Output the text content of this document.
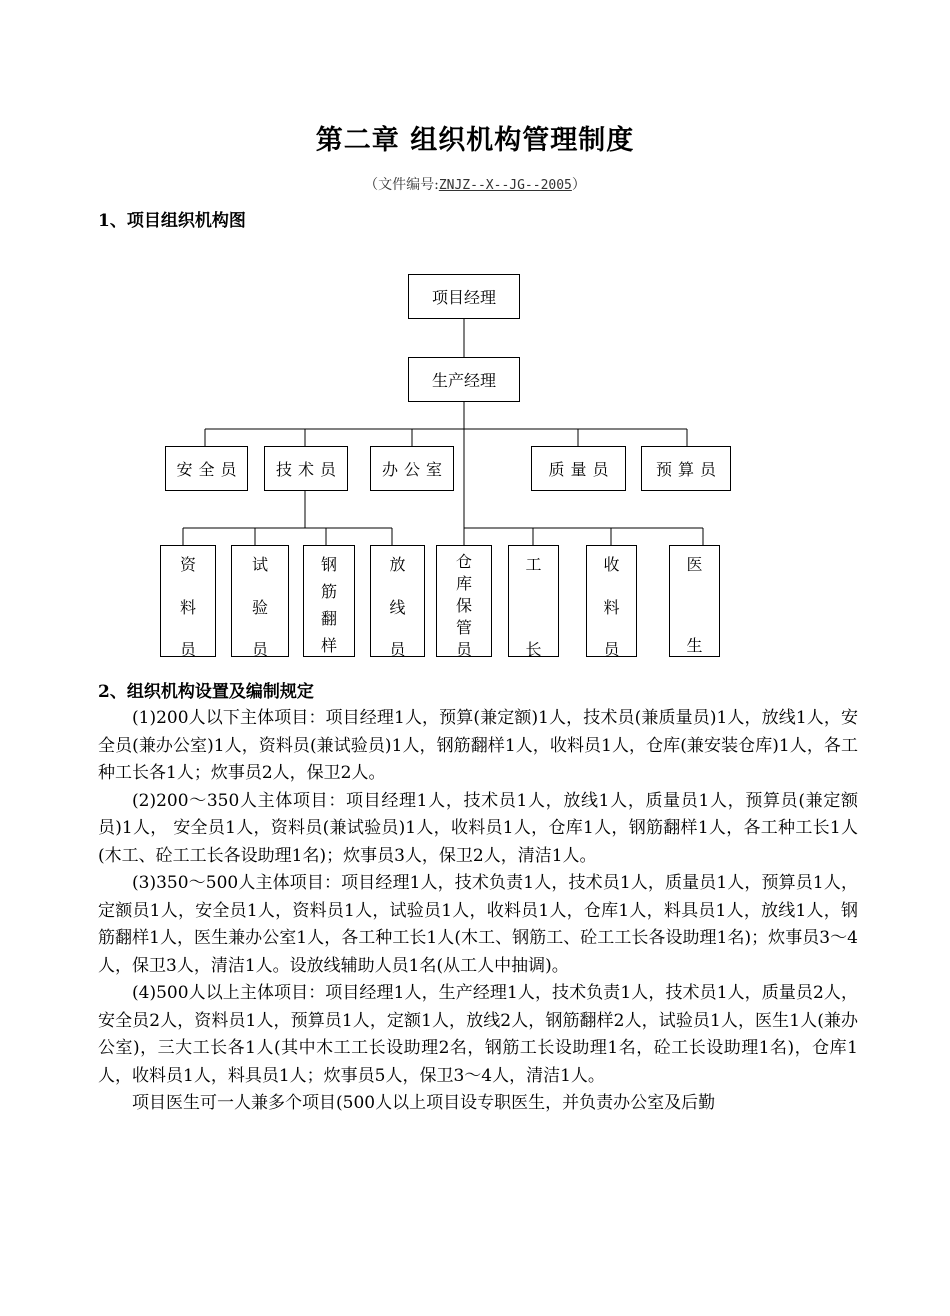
第二章 组织机构管理制度
（文件编号:ZNJZ--X--JG--2005）
1、项目组织机构图
项目经理
生产经理
安全员	技术员	办公室	质量员	预算员
资
料
员
试
验
员
钢
筋
翻
样
放
线
员
仓
库
保
管
员
工
长
收
料
员
医
生
2、组织机构设置及编制规定

(1)200人以下主体项目：项目经理1人，预算(兼定额)1人，技术员(兼质量员)1人，放线1人，安全员(兼办公室)1人，资料员(兼试验员)1人，钢筋翻样1人，收料员1人，仓库(兼安装仓库)1人，各工种工长各1人；炊事员2人，保卫2人。

(2)200～350人主体项目：项目经理1人，技术员1人，放线1人，质量员1人，预算员(兼定额员)1人， 安全员1人，资料员(兼试验员)1人，收料员1人，仓库1人，钢筋翻样1人，各工种工长1人(木工、砼工工长各设助理1名)；炊事员3人，保卫2人，清洁1人。

(3)350～500人主体项目：项目经理1人，技术负责1人，技术员1人，质量员1人，预算员1人，定额员1人，安全员1人，资料员1人，试验员1人，收料员1人，仓库1人，料具员1人，放线1人，钢筋翻样1人，医生兼办公室1人，各工种工长1人(木工、钢筋工、砼工工长各设助理1名)；炊事员3～4人，保卫3人，清洁1人。设放线辅助人员1名(从工人中抽调)。

(4)500人以上主体项目：项目经理1人，生产经理1人，技术负责1人，技术员1人，质量员2人，安全员2人，资料员1人，预算员1人，定额1人，放线2人，钢筋翻样2人，试验员1人，医生1人(兼办公室)，三大工长各1人(其中木工工长设助理2名，钢筋工长设助理1名，砼工长设助理1名)，仓库1人，收料员1人，料具员1人；炊事员5人，保卫3～4人，清洁1人。

项目医生可一人兼多个项目(500人以上项目设专职医生，并负责办公室及后勤
